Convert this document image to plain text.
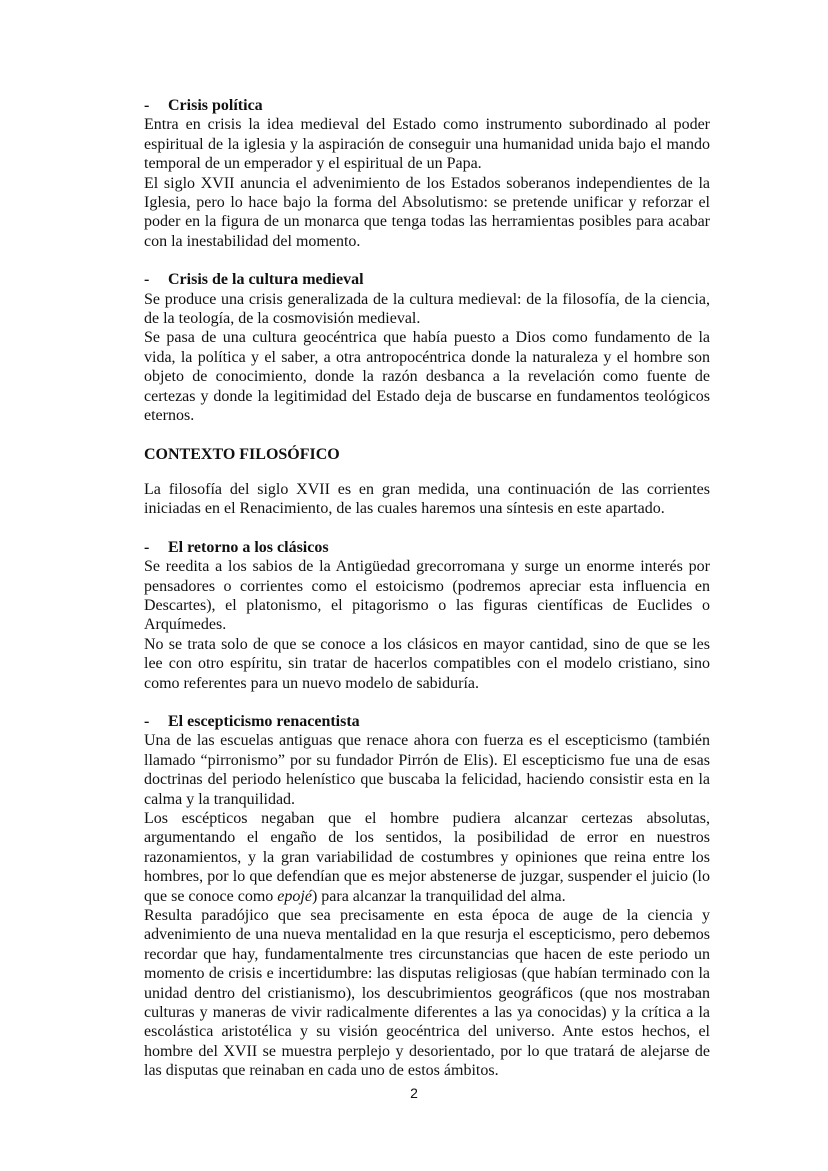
- Crisis política

Entra en crisis la idea medieval del Estado como instrumento subordinado al poder espiritual de la iglesia y la aspiración de conseguir una humanidad unida bajo el mando temporal de un emperador y el espiritual de un Papa.

El siglo XVII anuncia el advenimiento de los Estados soberanos independientes de la Iglesia, pero lo hace bajo la forma del Absolutismo: se pretende unificar y reforzar el poder en la figura de un monarca que tenga todas las herramientas posibles para acabar con la inestabilidad del momento.

- Crisis de la cultura medieval

Se produce una crisis generalizada de la cultura medieval: de la filosofía, de la ciencia, de la teología, de la cosmovisión medieval.

Se pasa de una cultura geocéntrica que había puesto a Dios como fundamento de la vida, la política y el saber, a otra antropocéntrica donde la naturaleza y el hombre son objeto de conocimiento, donde la razón desbanca a la revelación como fuente de certezas y donde la legitimidad del Estado deja de buscarse en fundamentos teológicos eternos.

CONTEXTO FILOSÓFICO

La filosofía del siglo XVII es en gran medida, una continuación de las corrientes iniciadas en el Renacimiento, de las cuales haremos una síntesis en este apartado.

- El retorno a los clásicos

Se reedita a los sabios de la Antigüedad grecorromana y surge un enorme interés por pensadores o corrientes como el estoicismo (podremos apreciar esta influencia en Descartes), el platonismo, el pitagorismo o las figuras científicas de Euclides o Arquímedes.

No se trata solo de que se conoce a los clásicos en mayor cantidad, sino de que se les lee con otro espíritu, sin tratar de hacerlos compatibles con el modelo cristiano, sino como referentes para un nuevo modelo de sabiduría.

- El escepticismo renacentista

Una de las escuelas antiguas que renace ahora con fuerza es el escepticismo (también llamado “pirronismo” por su fundador Pirrón de Elis). El escepticismo fue una de esas doctrinas del periodo helenístico que buscaba la felicidad, haciendo consistir esta en la calma y la tranquilidad.

Los escépticos negaban que el hombre pudiera alcanzar certezas absolutas, argumentando el engaño de los sentidos, la posibilidad de error en nuestros razonamientos, y la gran variabilidad de costumbres y opiniones que reina entre los hombres, por lo que defendían que es mejor abstenerse de juzgar, suspender el juicio (lo que se conoce como epojé) para alcanzar la tranquilidad del alma.

Resulta paradójico que sea precisamente en esta época de auge de la ciencia y advenimiento de una nueva mentalidad en la que resurja el escepticismo, pero debemos recordar que hay, fundamentalmente tres circunstancias que hacen de este periodo un momento de crisis e incertidumbre: las disputas religiosas (que habían terminado con la unidad dentro del cristianismo), los descubrimientos geográficos (que nos mostraban culturas y maneras de vivir radicalmente diferentes a las ya conocidas) y la crítica a la escolástica aristotélica y su visión geocéntrica del universo. Ante estos hechos, el hombre del XVII se muestra perplejo y desorientado, por lo que tratará de alejarse de las disputas que reinaban en cada uno de estos ámbitos.

2
